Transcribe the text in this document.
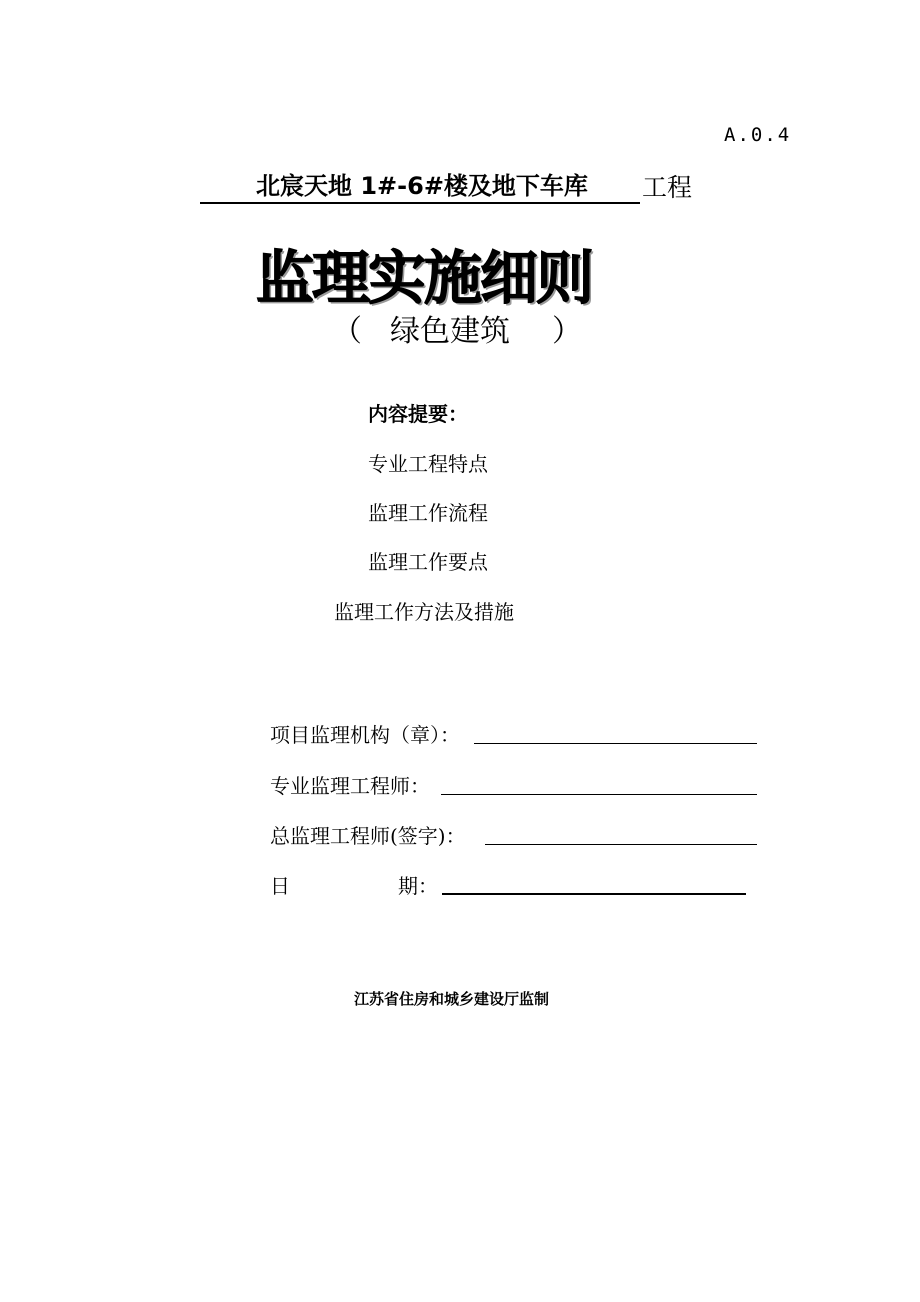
A.0.4
北宸天地 1#-6#楼及地下车库	工程
监理实施细则
（ 绿色建筑 ）
内容提要：
专业工程特点
监理工作流程
监理工作要点
监理工作方法及措施
项目监理机构（章）：
专业监理工程师：
总监理工程师(签字)：
日	期：
江苏省住房和城乡建设厅监制
